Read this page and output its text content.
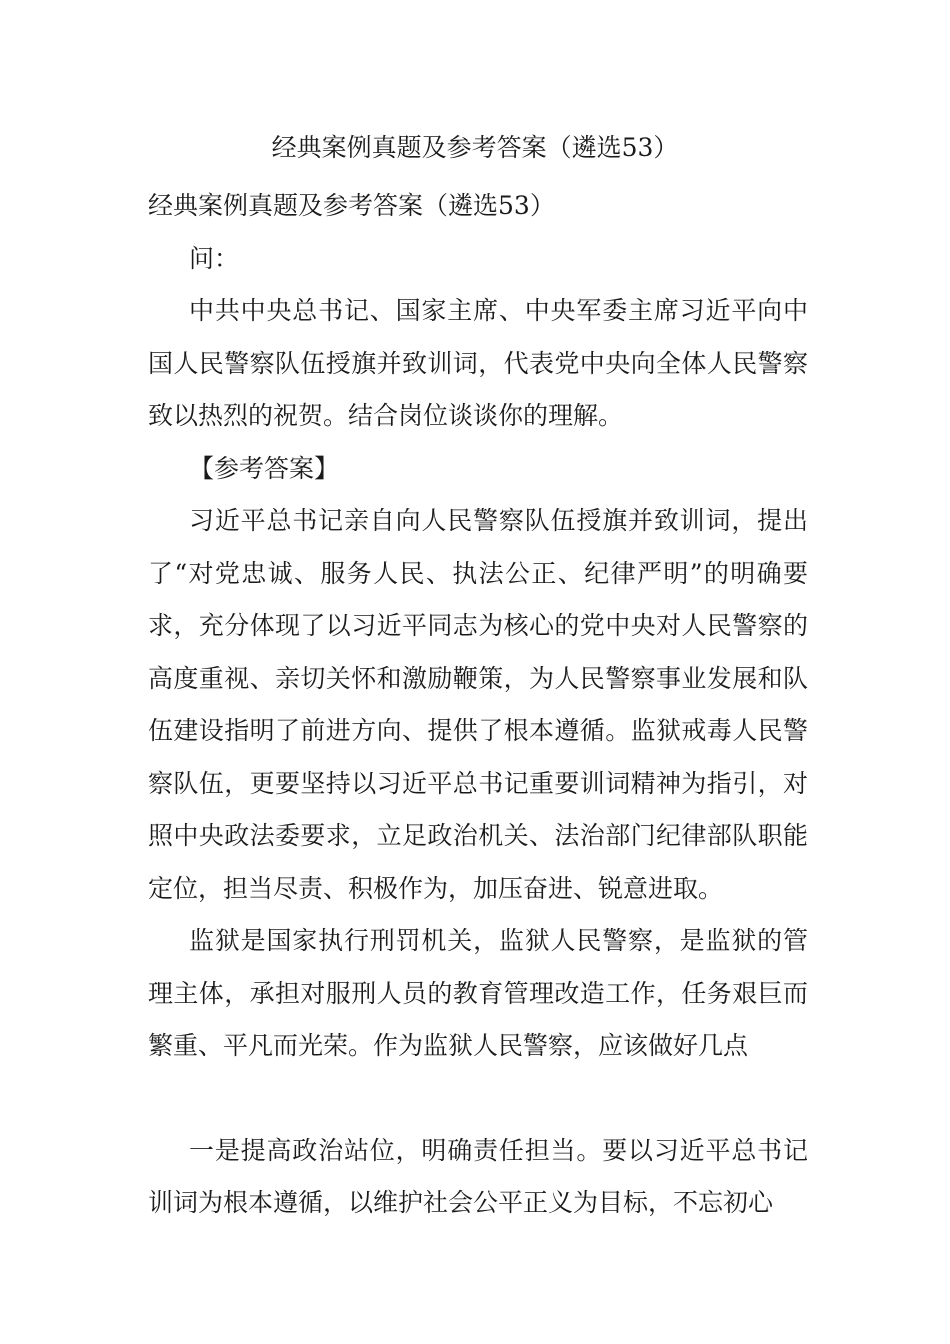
经典案例真题及参考答案（遴选53）

经典案例真题及参考答案（遴选53）

问：

中共中央总书记、国家主席、中央军委主席习近平向中国人民警察队伍授旗并致训词，代表党中央向全体人民警察致以热烈的祝贺。结合岗位谈谈你的理解。

【参考答案】

习近平总书记亲自向人民警察队伍授旗并致训词，提出了“对党忠诚、服务人民、执法公正、纪律严明”的明确要求，充分体现了以习近平同志为核心的党中央对人民警察的高度重视、亲切关怀和激励鞭策，为人民警察事业发展和队伍建设指明了前进方向、提供了根本遵循。监狱戒毒人民警察队伍，更要坚持以习近平总书记重要训词精神为指引，对照中央政法委要求，立足政治机关、法治部门纪律部队职能定位，担当尽责、积极作为，加压奋进、锐意进取。

监狱是国家执行刑罚机关，监狱人民警察，是监狱的管理主体，承担对服刑人员的教育管理改造工作，任务艰巨而繁重、平凡而光荣。作为监狱人民警察，应该做好几点

一是提高政治站位，明确责任担当。要以习近平总书记训词为根本遵循，以维护社会公平正义为目标，不忘初心
